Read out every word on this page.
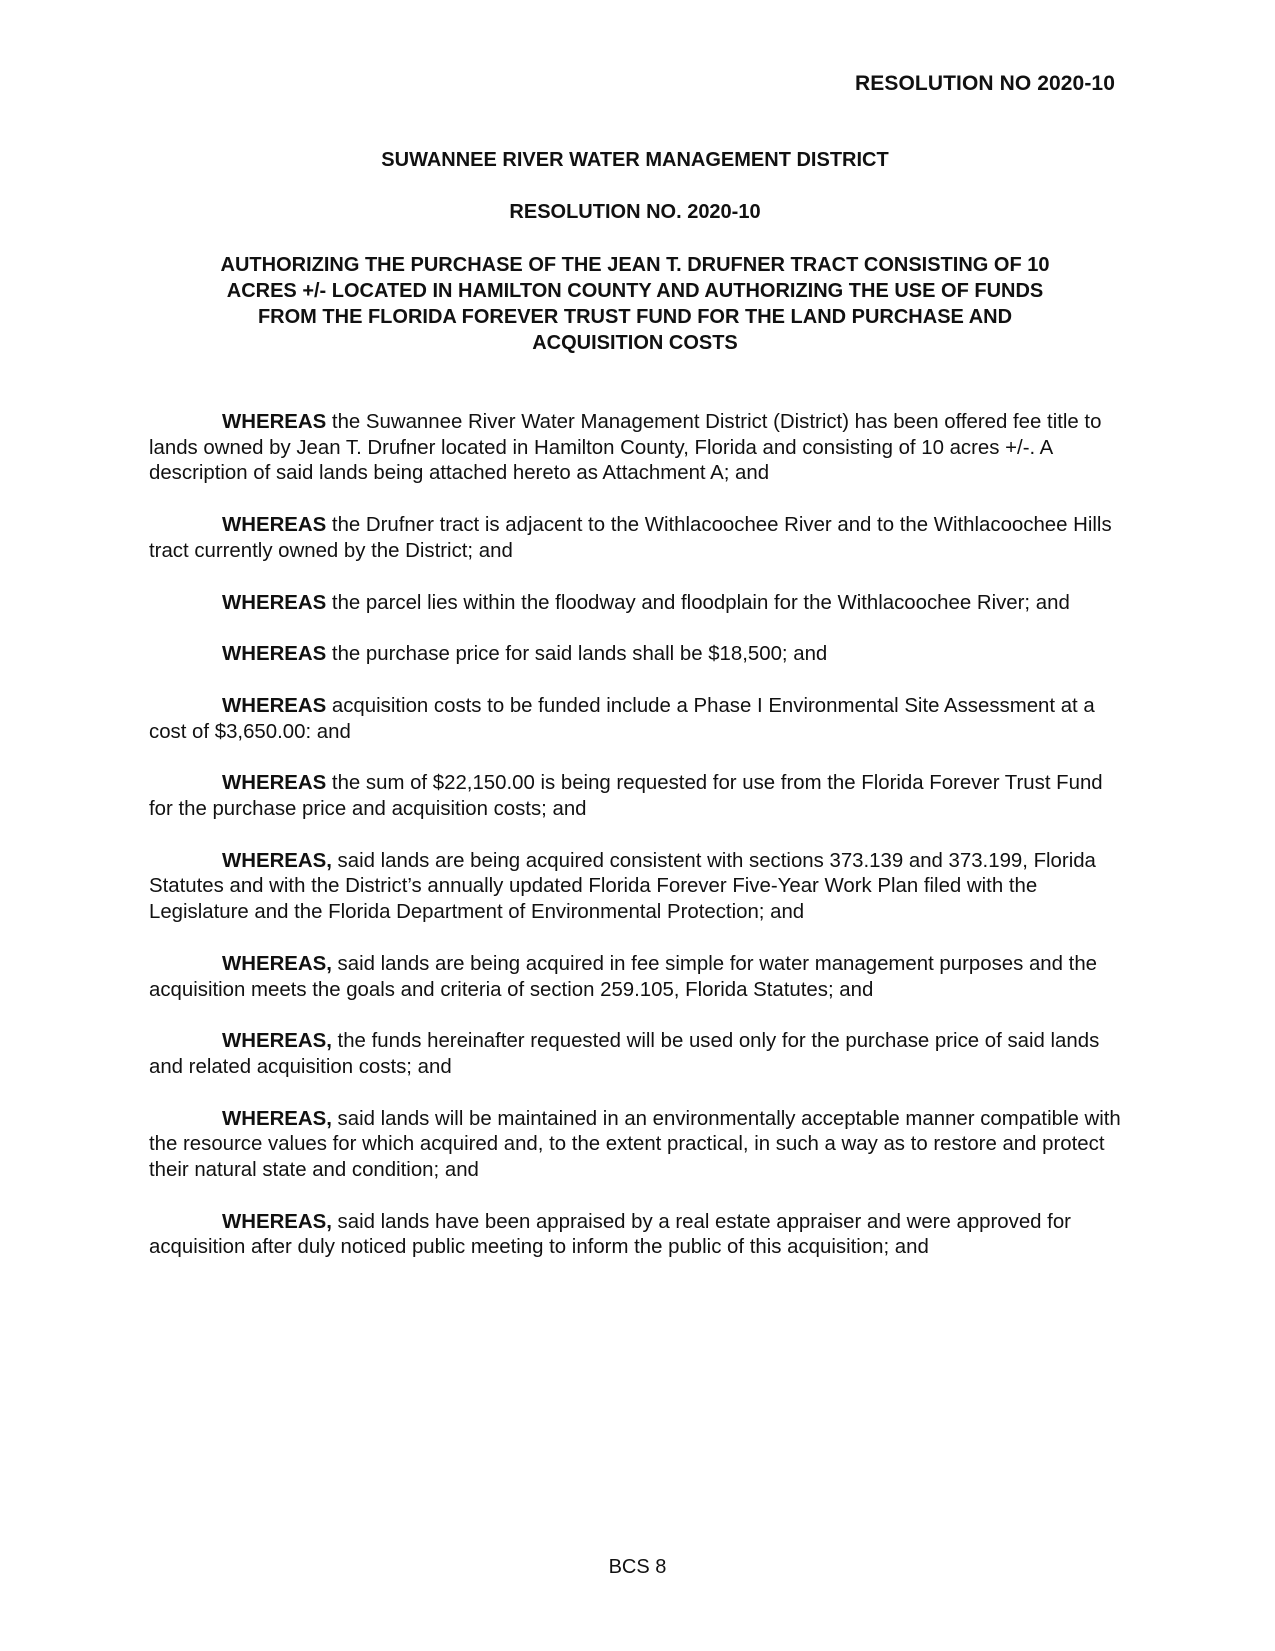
RESOLUTION NO 2020-10
SUWANNEE RIVER WATER MANAGEMENT DISTRICT
RESOLUTION NO. 2020-10
AUTHORIZING THE PURCHASE OF THE JEAN T. DRUFNER TRACT CONSISTING OF 10
ACRES +/- LOCATED IN HAMILTON COUNTY AND AUTHORIZING THE USE OF FUNDS
FROM THE FLORIDA FOREVER TRUST FUND FOR THE LAND PURCHASE AND
ACQUISITION COSTS

WHEREAS the Suwannee River Water Management District (District) has been offered fee title to lands owned by Jean T. Drufner located in Hamilton County, Florida and consisting of 10 acres +/-. A description of said lands being attached hereto as Attachment A; and

WHEREAS the Drufner tract is adjacent to the Withlacoochee River and to the Withlacoochee Hills tract currently owned by the District; and

WHEREAS the parcel lies within the floodway and floodplain for the Withlacoochee River; and

WHEREAS the purchase price for said lands shall be $18,500; and

WHEREAS acquisition costs to be funded include a Phase I Environmental Site Assessment at a cost of $3,650.00: and

WHEREAS the sum of $22,150.00 is being requested for use from the Florida Forever Trust Fund for the purchase price and acquisition costs; and

WHEREAS, said lands are being acquired consistent with sections 373.139 and 373.199, Florida Statutes and with the District’s annually updated Florida Forever Five-Year Work Plan filed with the Legislature and the Florida Department of Environmental Protection; and

WHEREAS, said lands are being acquired in fee simple for water management purposes and the acquisition meets the goals and criteria of section 259.105, Florida Statutes; and

WHEREAS, the funds hereinafter requested will be used only for the purchase price of said lands and related acquisition costs; and

WHEREAS, said lands will be maintained in an environmentally acceptable manner compatible with the resource values for which acquired and, to the extent practical, in such a way as to restore and protect their natural state and condition; and

WHEREAS, said lands have been appraised by a real estate appraiser and were approved for acquisition after duly noticed public meeting to inform the public of this acquisition; and

BCS 8
